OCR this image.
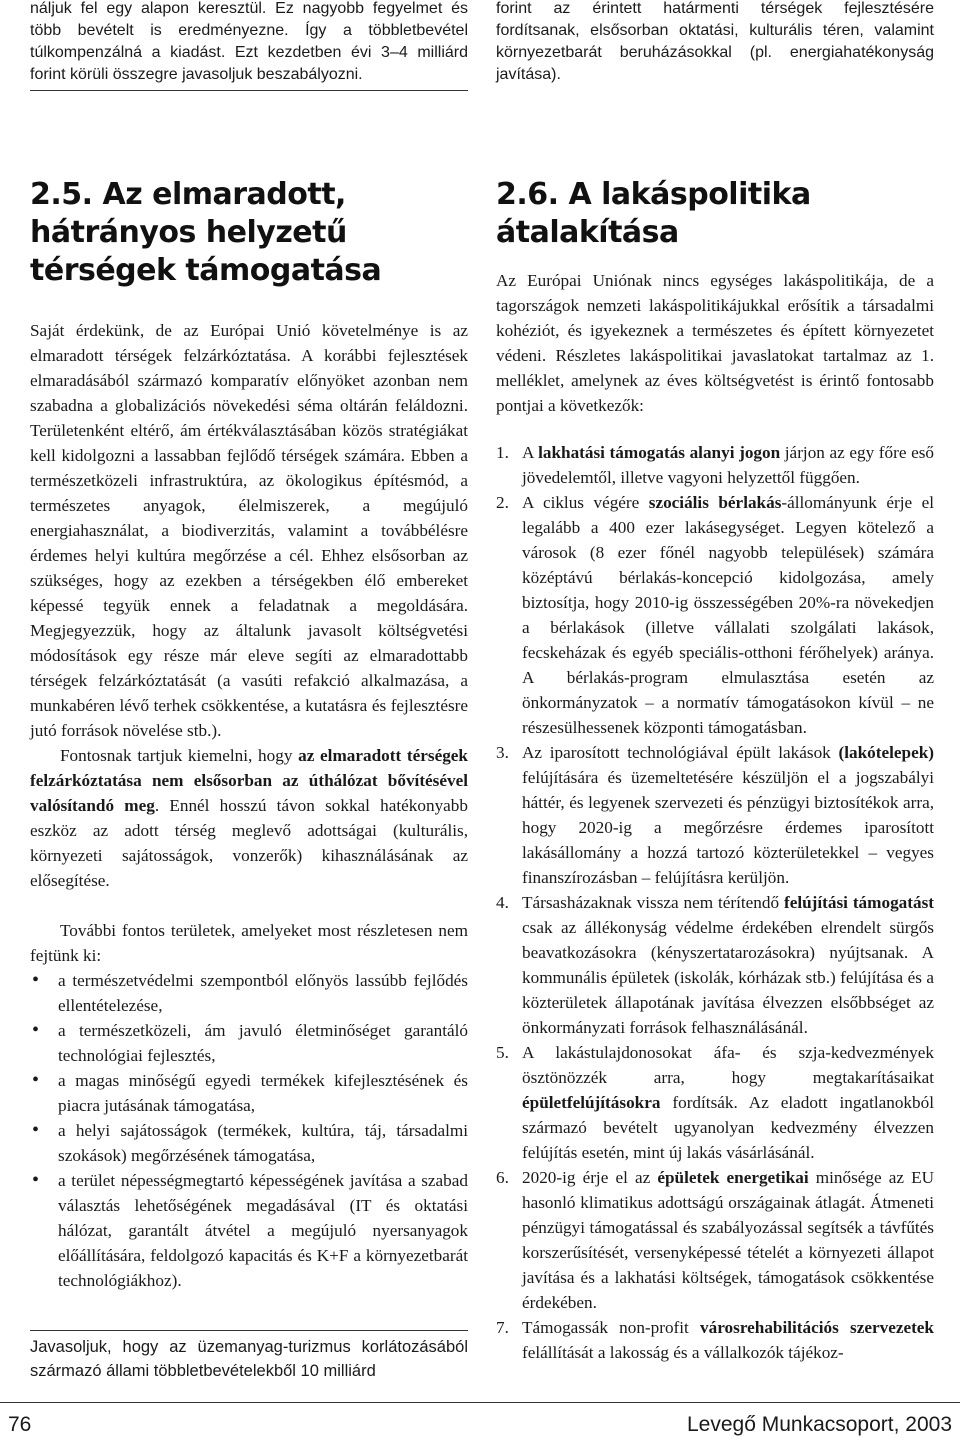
náljuk fel egy alapon keresztül. Ez nagyobb fegyelmet és több bevételt is eredményezne. Így a többletbevétel túlkompenzálná a kiadást. Ezt kezdetben évi 3–4 milliárd forint körüli összegre javasoljuk beszabályozni.

forint az érintett határmenti térségek fejlesztésére fordítsanak, elsősorban oktatási, kulturális téren, valamint környezetbarát beruházásokkal (pl. energiahatékonyság javítása).

2.5. Az elmaradott, hátrányos helyzetű térségek támogatása

Saját érdekünk, de az Európai Unió követelménye is az elmaradott térségek felzárkóztatása. A korábbi fejlesztések elmaradásából származó komparatív előnyöket azonban nem szabadna a globalizációs növekedési séma oltárán feláldozni. Területenként eltérő, ám értékválasztásában közös stratégiákat kell kidolgozni a lassabban fejlődő térségek számára. Ebben a természetközeli infrastruktúra, az ökologikus építésmód, a természetes anyagok, élelmiszerek, a megújuló energiahasználat, a biodiverzitás, valamint a továbbélésre érdemes helyi kultúra megőrzése a cél. Ehhez elsősorban az szükséges, hogy az ezekben a térségekben élő embereket képessé tegyük ennek a feladatnak a megoldására. Megjegyezzük, hogy az általunk javasolt költségvetési módosítások egy része már eleve segíti az elmaradottabb térségek felzárkóztatását (a vasúti refakció alkalmazása, a munkabéren lévő terhek csökkentése, a kutatásra és fejlesztésre jutó források növelése stb.).

Fontosnak tartjuk kiemelni, hogy az elmaradott térségek felzárkóztatása nem elsősorban az úthálózat bővítésével valósítandó meg. Ennél hosszú távon sokkal hatékonyabb eszköz az adott térség meglevő adottságai (kulturális, környezeti sajátosságok, vonzerők) kihasználásának az elősegítése.

További fontos területek, amelyeket most részletesen nem fejtünk ki:

• a természetvédelmi szempontból előnyös lassúbb fejlődés ellentételezése,
• a természetközeli, ám javuló életminőséget garantáló technológiai fejlesztés,
• a magas minőségű egyedi termékek kifejlesztésének és piacra jutásának támogatása,
• a helyi sajátosságok (termékek, kultúra, táj, társadalmi szokások) megőrzésének támogatása,
• a terület népességmegtartó képességének javítása a szabad választás lehetőségének megadásával (IT és oktatási hálózat, garantált átvétel a megújuló nyersanyagok előállítására, feldolgozó kapacitás és K+F a környezetbarát technológiákhoz).

Javasoljuk, hogy az üzemanyag-turizmus korlátozásából származó állami többletbevételekből 10 milliárd

2.6. A lakáspolitika átalakítása

Az Európai Uniónak nincs egységes lakáspolitikája, de a tagországok nemzeti lakáspolitikájukkal erősítik a társadalmi kohéziót, és igyekeznek a természetes és épített környezetet védeni. Részletes lakáspolitikai javaslatokat tartalmaz az 1. melléklet, amelynek az éves költségvetést is érintő fontosabb pontjai a következők:

1. A lakhatási támogatás alanyi jogon járjon az egy főre eső jövedelemtől, illetve vagyoni helyzettől függően.
2. A ciklus végére szociális bérlakás-állományunk érje el legalább a 400 ezer lakásegységet. Legyen kötelező a városok (8 ezer főnél nagyobb települések) számára középtávú bérlakás-koncepció kidolgozása, amely biztosítja, hogy 2010-ig összességében 20%-ra növekedjen a bérlakások (illetve vállalati szolgálati lakások, fecskeházak és egyéb speciális-otthoni férőhelyek) aránya. A bérlakás-program elmulasztása esetén az önkormányzatok – a normatív támogatásokon kívül – ne részesülhessenek központi támogatásban.
3. Az iparosított technológiával épült lakások (lakótelepek) felújítására és üzemeltetésére készüljön el a jogszabályi háttér, és legyenek szervezeti és pénzügyi biztosítékok arra, hogy 2020-ig a megőrzésre érdemes iparosított lakásállomány a hozzá tartozó közterületekkel – vegyes finanszírozásban – felújításra kerüljön.
4. Társasházaknak vissza nem térítendő felújítási támogatást csak az állékonyság védelme érdekében elrendelt sürgős beavatkozásokra (kényszertatarozásokra) nyújtsanak. A kommunális épületek (iskolák, kórházak stb.) felújítása és a közterületek állapotának javítása élvezzen elsőbbséget az önkormányzati források felhasználásánál.
5. A lakástulajdonosokat áfa- és szja-kedvezmények ösztönözzék arra, hogy megtakarításaikat épületfelújításokra fordítsák. Az eladott ingatlanokból származó bevételt ugyanolyan kedvezmény élvezzen felújítás esetén, mint új lakás vásárlásánál.
6. 2020-ig érje el az épületek energetikai minősége az EU hasonló klimatikus adottságú országainak átlagát. Átmeneti pénzügyi támogatással és szabályozással segítsék a távfűtés korszerűsítését, versenyképessé tételét a környezeti állapot javítása és a lakhatási költségek, támogatások csökkentése érdekében.
7. Támogassák non-profit városrehabilitációs szervezetek felállítását a lakosság és a vállalkozók tájékoz-
76	Levegő Munkacsoport, 2003
